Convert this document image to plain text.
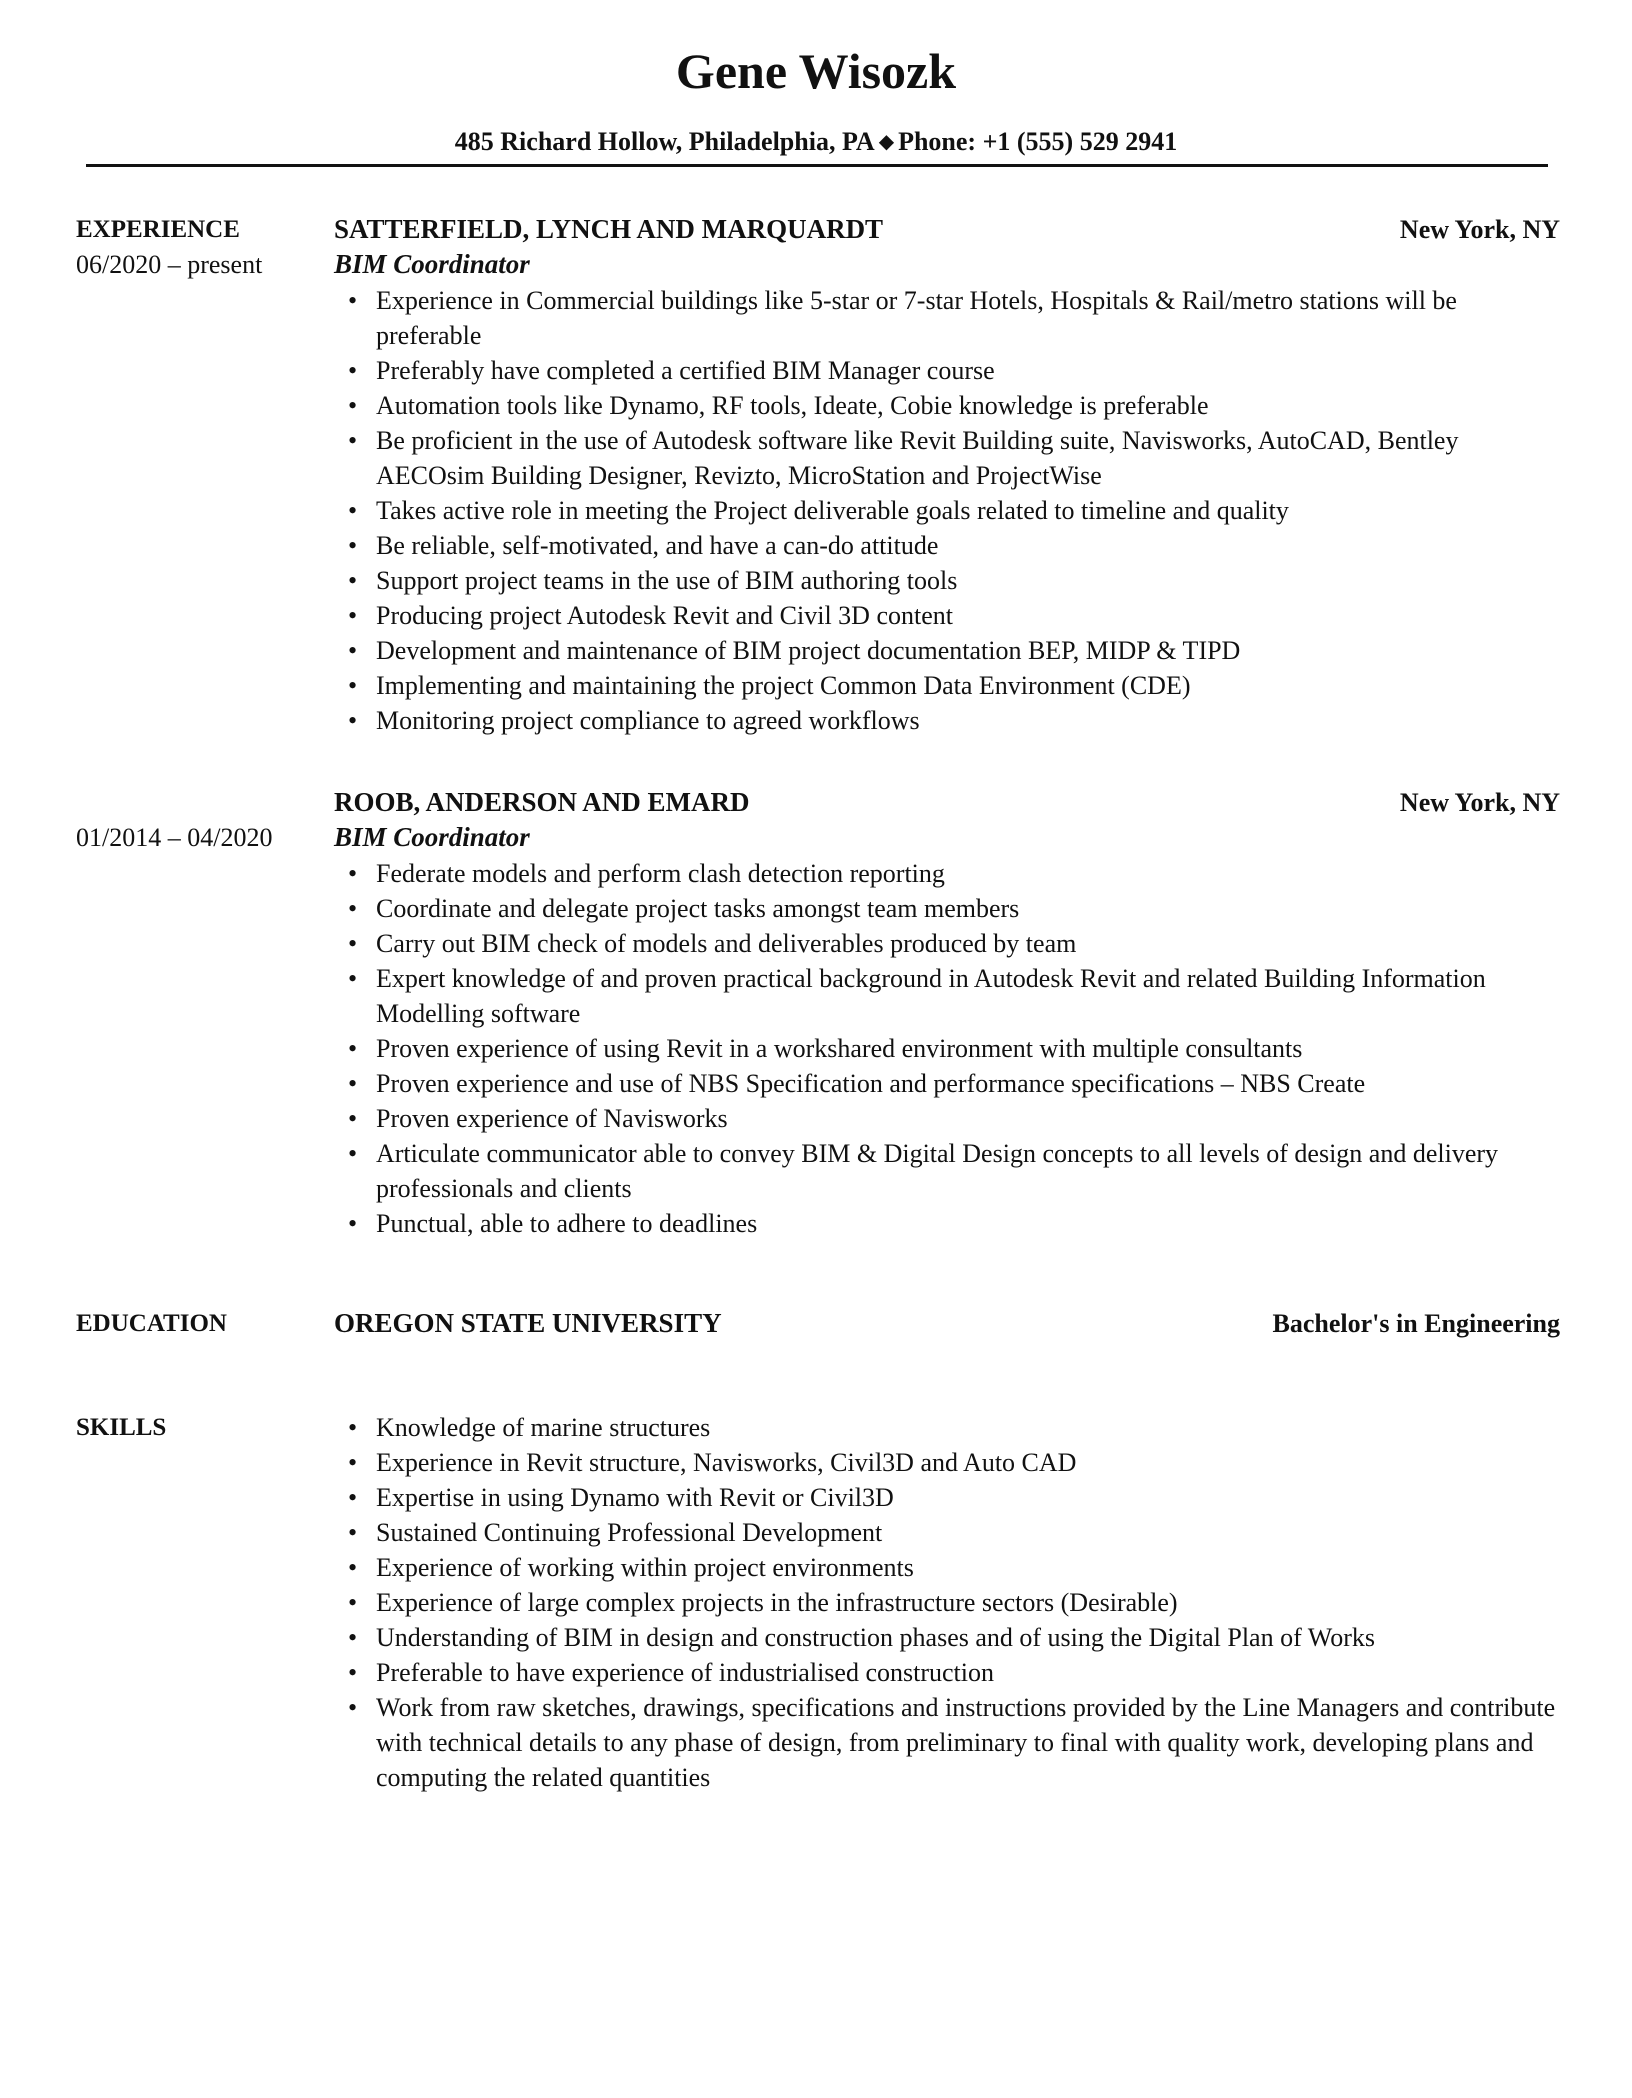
Gene Wisozk
485 Richard Hollow, Philadelphia, PA ◆ Phone: +1 (555) 529 2941
EXPERIENCE
06/2020 – present
SATTERFIELD, LYNCH AND MARQUARDT	New York, NY
BIM Coordinator
• Experience in Commercial buildings like 5-star or 7-star Hotels, Hospitals & Rail/metro stations will be preferable
• Preferably have completed a certified BIM Manager course
• Automation tools like Dynamo, RF tools, Ideate, Cobie knowledge is preferable
• Be proficient in the use of Autodesk software like Revit Building suite, Navisworks, AutoCAD, Bentley AECOsim Building Designer, Revizto, MicroStation and ProjectWise
• Takes active role in meeting the Project deliverable goals related to timeline and quality
• Be reliable, self-motivated, and have a can-do attitude
• Support project teams in the use of BIM authoring tools
• Producing project Autodesk Revit and Civil 3D content
• Development and maintenance of BIM project documentation BEP, MIDP & TIPD
• Implementing and maintaining the project Common Data Environment (CDE)
• Monitoring project compliance to agreed workflows
01/2014 – 04/2020
ROOB, ANDERSON AND EMARD	New York, NY
BIM Coordinator
• Federate models and perform clash detection reporting
• Coordinate and delegate project tasks amongst team members
• Carry out BIM check of models and deliverables produced by team
• Expert knowledge of and proven practical background in Autodesk Revit and related Building Information Modelling software
• Proven experience of using Revit in a workshared environment with multiple consultants
• Proven experience and use of NBS Specification and performance specifications – NBS Create
• Proven experience of Navisworks
• Articulate communicator able to convey BIM & Digital Design concepts to all levels of design and delivery professionals and clients
• Punctual, able to adhere to deadlines
EDUCATION	OREGON STATE UNIVERSITY	Bachelor's in Engineering
SKILLS
•	Knowledge of marine structures
• Experience in Revit structure, Navisworks, Civil3D and Auto CAD
• Expertise in using Dynamo with Revit or Civil3D
• Sustained Continuing Professional Development
• Experience of working within project environments
• Experience of large complex projects in the infrastructure sectors (Desirable)
• Understanding of BIM in design and construction phases and of using the Digital Plan of Works
• Preferable to have experience of industrialised construction
• Work from raw sketches, drawings, specifications and instructions provided by the Line Managers and contribute with technical details to any phase of design, from preliminary to final with quality work, developing plans and computing the related quantities
